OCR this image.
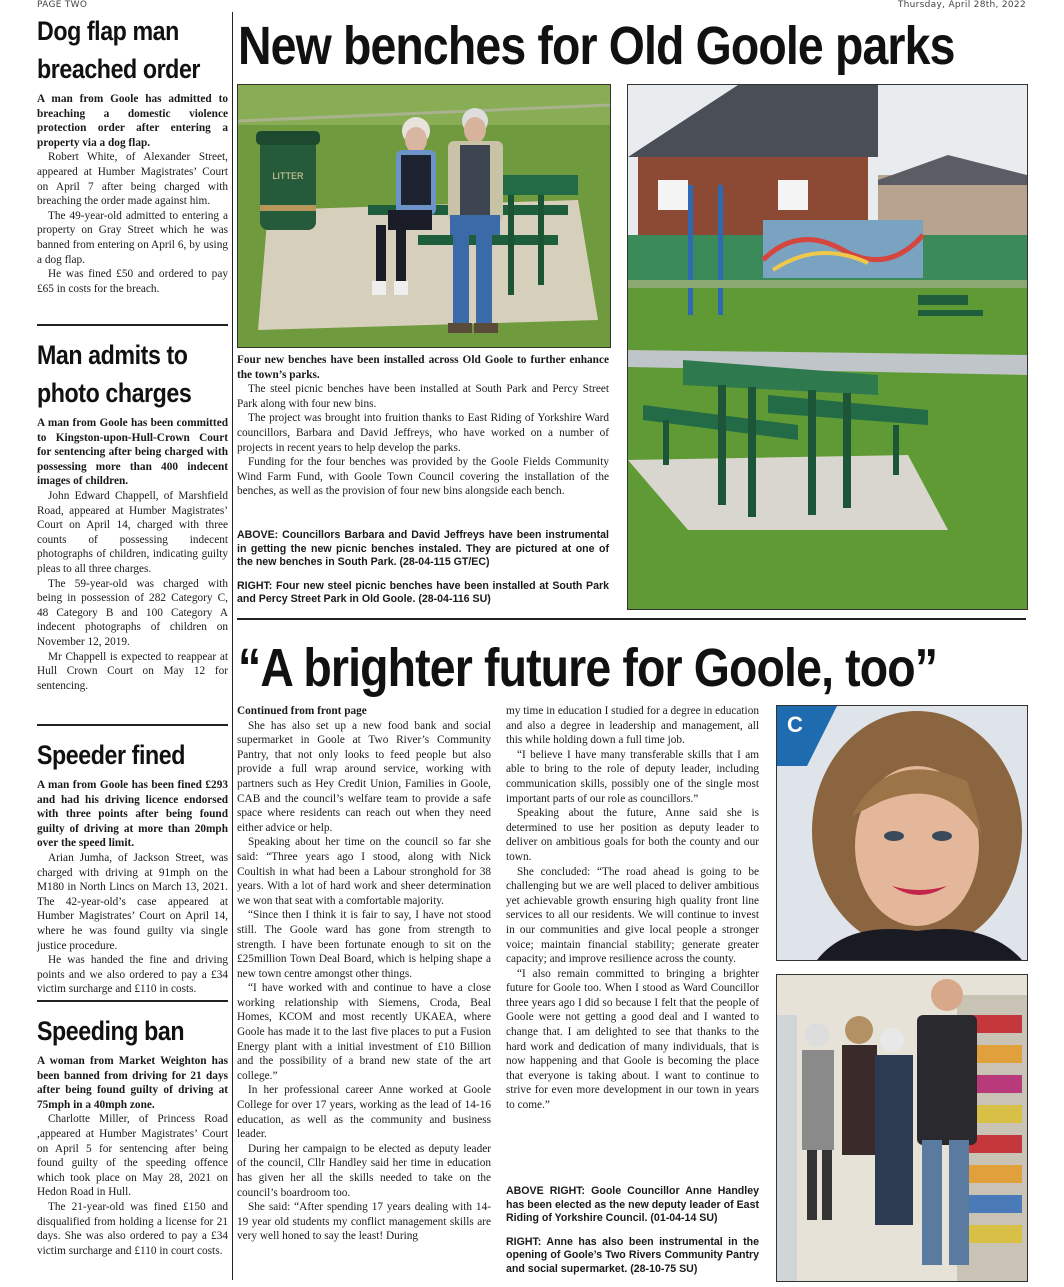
PAGE TWO	Thursday, April 28th, 2022
Dog flap man
breached order

A man from Goole has admitted to breaching a domestic violence protection order after entering a property via a dog flap.

Robert White, of Alexander Street, appeared at Humber Magistrates’ Court on April 7 after being charged with breaching the order made against him.

The 49-year-old admitted to entering a property on Gray Street which he was banned from entering on April 6, by using a dog flap.

He was fined £50 and ordered to pay £65 in costs for the breach.

Man admits to
photo charges

A man from Goole has been committed to Kingston-upon-Hull-Crown Court for sentencing after being charged with possessing more than 400 indecent images of children.

John Edward Chappell, of Marshfield Road, appeared at Humber Magistrates’ Court on April 14, charged with three counts of possessing indecent photographs of children, indicating guilty pleas to all three charges.

The 59-year-old was charged with being in possession of 282 Category C, 48 Category B and 100 Category A indecent photographs of children on November 12, 2019.

Mr Chappell is expected to reappear at Hull Crown Court on May 12 for sentencing.

Speeder fined

A man from Goole has been fined £293 and had his driving licence endorsed with three points after being found guilty of driving at more than 20mph over the speed limit.

Arian Jumha, of Jackson Street, was charged with driving at 91mph on the M180 in North Lincs on March 13, 2021. The 42-year-old’s case appeared at Humber Magistrates’ Court on April 14, where he was found guilty via single justice procedure.

He was handed the fine and driving points and we also ordered to pay a £34 victim surcharge and £110 in costs.

Speeding ban

A woman from Market Weighton has been banned from driving for 21 days after being found guilty of driving at 75mph in a 40mph zone.

Charlotte Miller, of Princess Road ,appeared at Humber Magistrates’ Court on April 5 for sentencing after being found guilty of the speeding offence which took place on May 28, 2021 on Hedon Road in Hull.

The 21-year-old was fined £150 and disqualified from holding a license for 21 days. She was also ordered to pay a £34 victim surcharge and £110 in court costs.

New benches for Old Goole parks
LITTER

Four new benches have been installed across Old Goole to further enhance the town’s parks.

The steel picnic benches have been installed at South Park and Percy Street Park along with four new bins.

The project was brought into fruition thanks to East Riding of Yorkshire Ward councillors, Barbara and David Jeffreys, who have worked on a number of projects in recent years to help develop the parks.

Funding for the four benches was provided by the Goole Fields Community Wind Farm Fund, with Goole Town Council covering the installation of the benches, as well as the provision of four new bins alongside each bench.

ABOVE: Councillors Barbara and David Jeffreys have been instrumental in getting the new picnic benches instaled. They are pictured at one of the new benches in South Park. (28-04-115 GT/EC)

RIGHT: Four new steel picnic benches have been installed at South Park and Percy Street Park in Old Goole. (28-04-116 SU)

“A brighter future for Goole, too”

Continued from front page

She has also set up a new food bank and social supermarket in Goole at Two River’s Community Pantry, that not only looks to feed people but also provide a full wrap around service, working with partners such as Hey Credit Union, Families in Goole, CAB and the council’s welfare team to provide a safe space where residents can reach out when they need either advice or help.

Speaking about her time on the council so far she said: “Three years ago I stood, along with Nick Coultish in what had been a Labour stronghold for 38 years. With a lot of hard work and sheer determination we won that seat with a comfortable majority.

“Since then I think it is fair to say, I have not stood still. The Goole ward has gone from strength to strength. I have been fortunate enough to sit on the £25million Town Deal Board, which is helping shape a new town centre amongst other things.

“I have worked with and continue to have a close working relationship with Siemens, Croda, Beal Homes, KCOM and most recently UKAEA, where Goole has made it to the last five places to put a Fusion Energy plant with a initial investment of £10 Billion and the possibility of a brand new state of the art college.”

In her professional career Anne worked at Goole College for over 17 years, working as the lead of 14-16 education, as well as the community and business leader.

During her campaign to be elected as deputy leader of the council, Cllr Handley said her time in education has given her all the skills needed to take on the council’s boardroom too.

She said: “After spending 17 years dealing with 14-19 year old students my conflict management skills are very well honed to say the least! During

my time in education I studied for a degree in education and also a degree in leadership and management, all this while holding down a full time job.

“I believe I have many transferable skills that I am able to bring to the role of deputy leader, including communication skills, possibly one of the single most important parts of our role as councillors.”

Speaking about the future, Anne said she is determined to use her position as deputy leader to deliver on ambitious goals for both the county and our town.

She concluded: “The road ahead is going to be challenging but we are well placed to deliver ambitious yet achievable growth ensuring high quality front line services to all our residents. We will continue to invest in our communities and give local people a stronger voice; maintain financial stability; generate greater capacity; and improve resilience across the county.

“I also remain committed to bringing a brighter future for Goole too. When I stood as Ward Councillor three years ago I did so because I felt that the people of Goole were not getting a good deal and I wanted to change that. I am delighted to see that thanks to the hard work and dedication of many individuals, that is now happening and that Goole is becoming the place that everyone is taking about. I want to continue to strive for even more development in our town in years to come.”

ABOVE RIGHT: Goole Councillor Anne Handley has been elected as the new deputy leader of East Riding of Yorkshire Council. (01-04-14 SU)

RIGHT: Anne has also been instrumental in the opening of Goole’s Two Rivers Community Pantry and social supermarket. (28-10-75 SU)

C
